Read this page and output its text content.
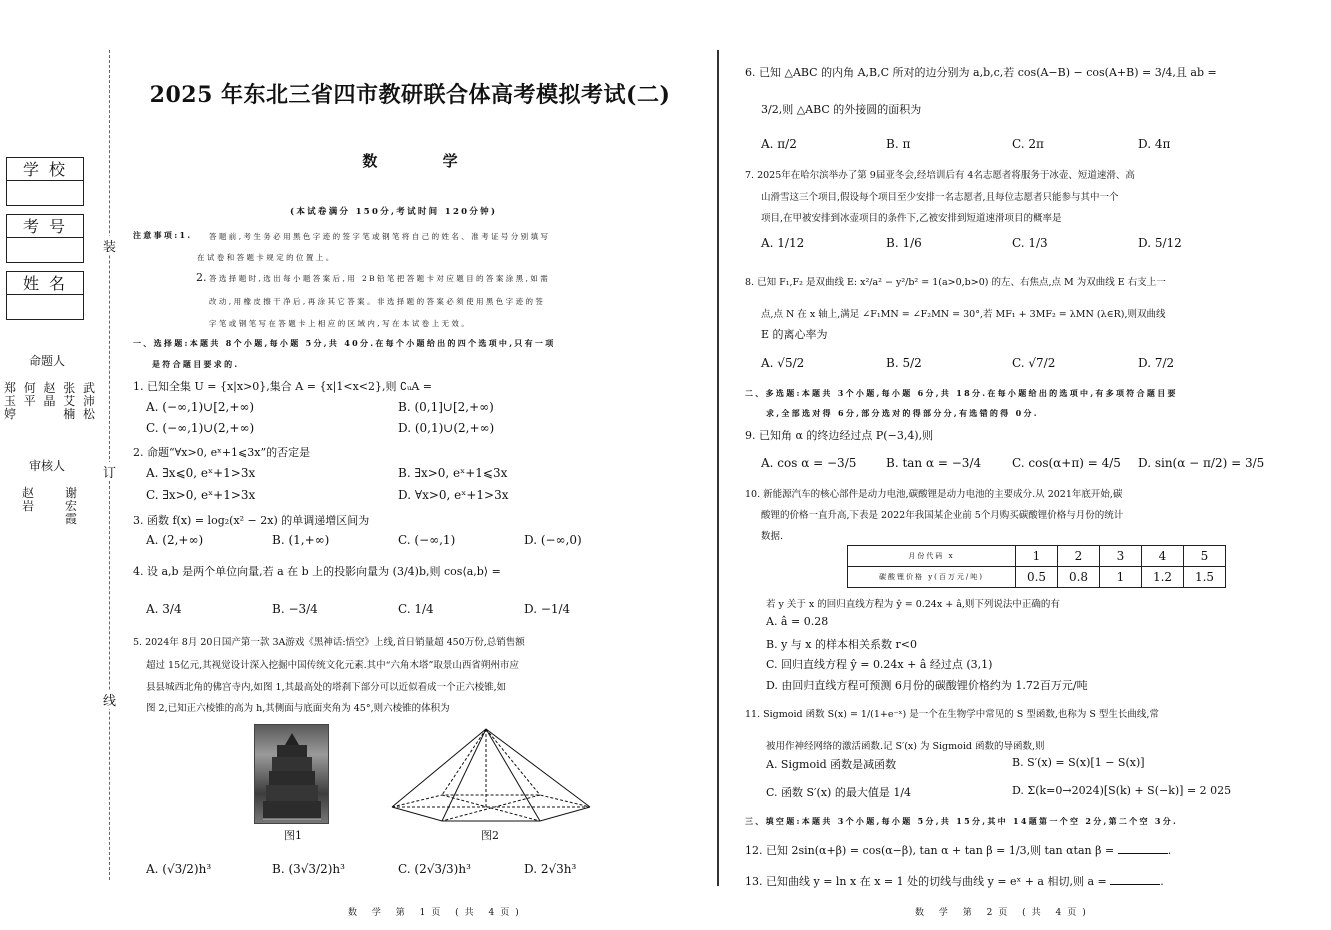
学校
考号
姓名
命题人
郑玉婷
何平
赵晶
张艾楠
武沛松
审核人
赵岩
谢宏霞
装
订
线
2025 年东北三省四市教研联合体高考模拟考试(二)
数 学
(本试卷满分 150分,考试时间 120分钟)
注意事项:1. 答题前,考生务必用黑色字迹的签字笔或钢笔将自己的姓名、准考证号分别填写
在试卷和答题卡规定的位置上。
2. 答选择题时,选出每小题答案后,用 2B铅笔把答题卡对应题目的答案涂黑,如需
改动,用橡皮擦干净后,再涂其它答案。非选择题的答案必须使用黑色字迹的签
字笔或钢笔写在答题卡上相应的区域内,写在本试卷上无效。
一、选择题:本题共 8个小题,每小题 5分,共 40分.在每个小题给出的四个选项中,只有一项
是符合题目要求的.
1. 已知全集 U = {x|x>0},集合 A = {x|1<x<2},则 ∁ᵤA =
A. (−∞,1)∪[2,+∞)	B. (0,1]∪[2,+∞)
C. (−∞,1)∪(2,+∞)	D. (0,1)∪(2,+∞)
2. 命题“∀x>0, eˣ+1⩽3x”的否定是
A. ∃x⩽0, eˣ+1>3x	B. ∃x>0, eˣ+1⩽3x
C. ∃x>0, eˣ+1>3x	D. ∀x>0, eˣ+1>3x
3. 函数 f(x) = log₂(x² − 2x) 的单调递增区间为
A. (2,+∞)	B. (1,+∞)	C. (−∞,1)	D. (−∞,0)
4. 设 a,b 是两个单位向量,若 a 在 b 上的投影向量为 (3/4)b,则 cos⟨a,b⟩ =
A. 3/4	B. −3/4	C. 1/4	D. −1/4
5. 2024年 8月 20日国产第一款 3A游戏《黑神话:悟空》上线,首日销量超 450万份,总销售额
超过 15亿元,其视觉设计深入挖掘中国传统文化元素.其中“六角木塔”取景山西省朔州市应
县县城西北角的佛宫寺内,如图 1,其最高处的塔刹下部分可以近似看成一个正六棱锥,如
图 2,已知正六棱锥的高为 h,其侧面与底面夹角为 45°,则六棱锥的体积为
图1	图2
A. (√3/2)h³	B. (3√3/2)h³	C. (2√3/3)h³	D. 2√3h³
数 学 第 1页 (共 4页)
6. 已知 △ABC 的内角 A,B,C 所对的边分别为 a,b,c,若 cos(A−B) − cos(A+B) = 3/4,且 ab =
3/2,则 △ABC 的外接圆的面积为
A. π/2	B. π	C. 2π	D. 4π
7. 2025年在哈尔滨举办了第 9届亚冬会,经培训后有 4名志愿者将服务于冰壶、短道速滑、高
山滑雪这三个项目,假设每个项目至少安排一名志愿者,且每位志愿者只能参与其中一个
项目,在甲被安排到冰壶项目的条件下,乙被安排到短道速滑项目的概率是
A. 1/12	B. 1/6	C. 1/3	D. 5/12
8. 已知 F₁,F₂ 是双曲线 E: x²/a² − y²/b² = 1(a>0,b>0) 的左、右焦点,点 M 为双曲线 E 右支上一
点,点 N 在 x 轴上,满足 ∠F₁MN = ∠F₂MN = 30°,若 MF₁ + 3MF₂ = λMN (λ∈R),则双曲线
E 的离心率为
A. √5/2	B. 5/2	C. √7/2	D. 7/2
二、多选题:本题共 3个小题,每小题 6分,共 18分.在每小题给出的选项中,有多项符合题目要
求,全部选对得 6分,部分选对的得部分分,有选错的得 0分.
9. 已知角 α 的终边经过点 P(−3,4),则
A. cos α = −3/5 B. tan α = −3/4	C. cos(α+π) = 4/5 D. sin(α − π/2) = 3/5
10. 新能源汽车的核心部件是动力电池,碳酸锂是动力电池的主要成分.从 2021年底开始,碳
酸锂的价格一直升高,下表是 2022年我国某企业前 5个月购买碳酸锂价格与月份的统计
数据.
月份代码 x	1	2	3	4	5
碳酸锂价格 y(百万元/吨)	0.5	0.8	1	1.2	1.5
若 y 关于 x 的回归直线方程为 ŷ = 0.24x + â,则下列说法中正确的有
A. â = 0.28
B. y 与 x 的样本相关系数 r<0
C. 回归直线方程 ŷ = 0.24x + â 经过点 (3,1)
D. 由回归直线方程可预测 6月份的碳酸锂价格约为 1.72百万元/吨
11. Sigmoid 函数 S(x) = 1/(1+e⁻ˣ) 是一个在生物学中常见的 S 型函数,也称为 S 型生长曲线,常
被用作神经网络的激活函数.记 S′(x) 为 Sigmoid 函数的导函数,则
A. Sigmoid 函数是减函数	B. S′(x) = S(x)[1 − S(x)]
C. 函数 S′(x) 的最大值是 1/4	D. Σ(k=0→2024)[S(k) + S(−k)] = 2 025
三、填空题:本题共 3个小题,每小题 5分,共 15分,其中 14题第一个空 2分,第二个空 3分.
12. 已知 2sin(α+β) = cos(α−β), tan α + tan β = 1/3,则 tan αtan β =	.
13. 已知曲线 y = ln x 在 x = 1 处的切线与曲线 y = eˣ + a 相切,则 a =	.
数 学 第 2页 (共 4页)
